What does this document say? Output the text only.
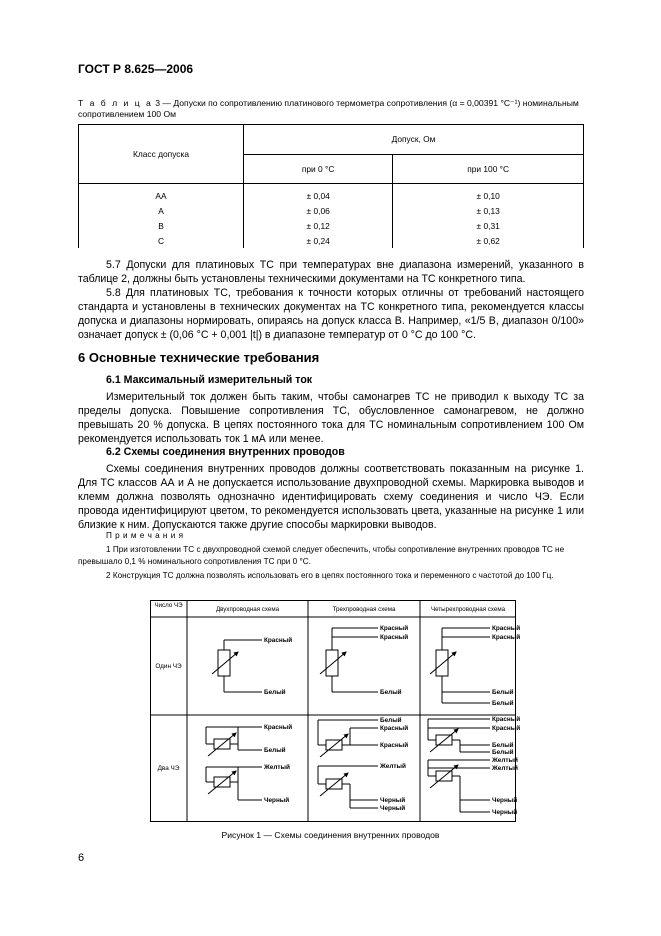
ГОСТ Р 8.625—2006
Т а б л и ц а 3 — Допуски по сопротивлению платинового термометра сопротивления (α = 0,00391 °С⁻¹) номинальным сопротивлением 100 Ом
Класс допуска	Допуск, Ом	
	при 0 °С	при 100 °С
АА	± 0,04	± 0,10
А	± 0,06	± 0,13
В	± 0,12	± 0,31
С	± 0,24	± 0,62
5.7 Допуски для платиновых ТС при температурах вне диапазона измерений, указанного в таблице 2, должны быть установлены техническими документами на ТС конкретного типа.
5.8 Для платиновых ТС, требования к точности которых отличны от требований настоящего стандарта и установлены в технических документах на ТС конкретного типа, рекомендуется классы допуска и диапазоны нормировать, опираясь на допуск класса В. Например, «1/5 В, диапазон 0/100» означает допуск ± (0,06 °С + 0,001 |t|) в диапазоне температур от 0 °С до 100 °С.
6 Основные технические требования
6.1 Максимальный измерительный ток
Измерительный ток должен быть таким, чтобы самонагрев ТС не приводил к выходу ТС за пределы допуска. Повышение сопротивления ТС, обусловленное самонагревом, не должно превышать 20 % допуска. В цепях постоянного тока для ТС номинальным сопротивлением 100 Ом рекомендуется использовать ток 1 мА или менее.
6.2 Схемы соединения внутренних проводов
Схемы соединения внутренних проводов должны соответствовать показанным на рисунке 1. Для ТС классов АА и А не допускается использование двухпроводной схемы. Маркировка выводов и клемм должна позволять однозначно идентифицировать схему соединения и число ЧЭ. Если провода идентифицируют цветом, то рекомендуется использовать цвета, указанные на рисунке 1 или близкие к ним. Допускаются также другие способы маркировки выводов.
П р и м е ч а н и я
1 При изготовлении ТС с двухпроводной схемой следует обеспечить, чтобы сопротивление внутренних проводов ТС не превышало 0,1 % номинального сопротивления ТС при 0 °С.
2 Конструкция ТС должна позволять использовать его в цепях постоянного тока и переменного с частотой до 100 Гц.
Число ЧЭ
Двухпроводная схема	Трехпроводная схема	Четырехпроводная схема
Один ЧЭ
Два ЧЭ
Красный
Белый
Красный
Красный
Белый
Красный
Красный
Белый
Белый
Красный
Белый
Желтый
Черный
Белый
Красный
Красный
Желтый
Черный
Черный
Красный
Красный
Белый
Белый
Желтый
Желтый
Черный
Черный
Рисунок 1 — Схемы соединения внутренних проводов
6
